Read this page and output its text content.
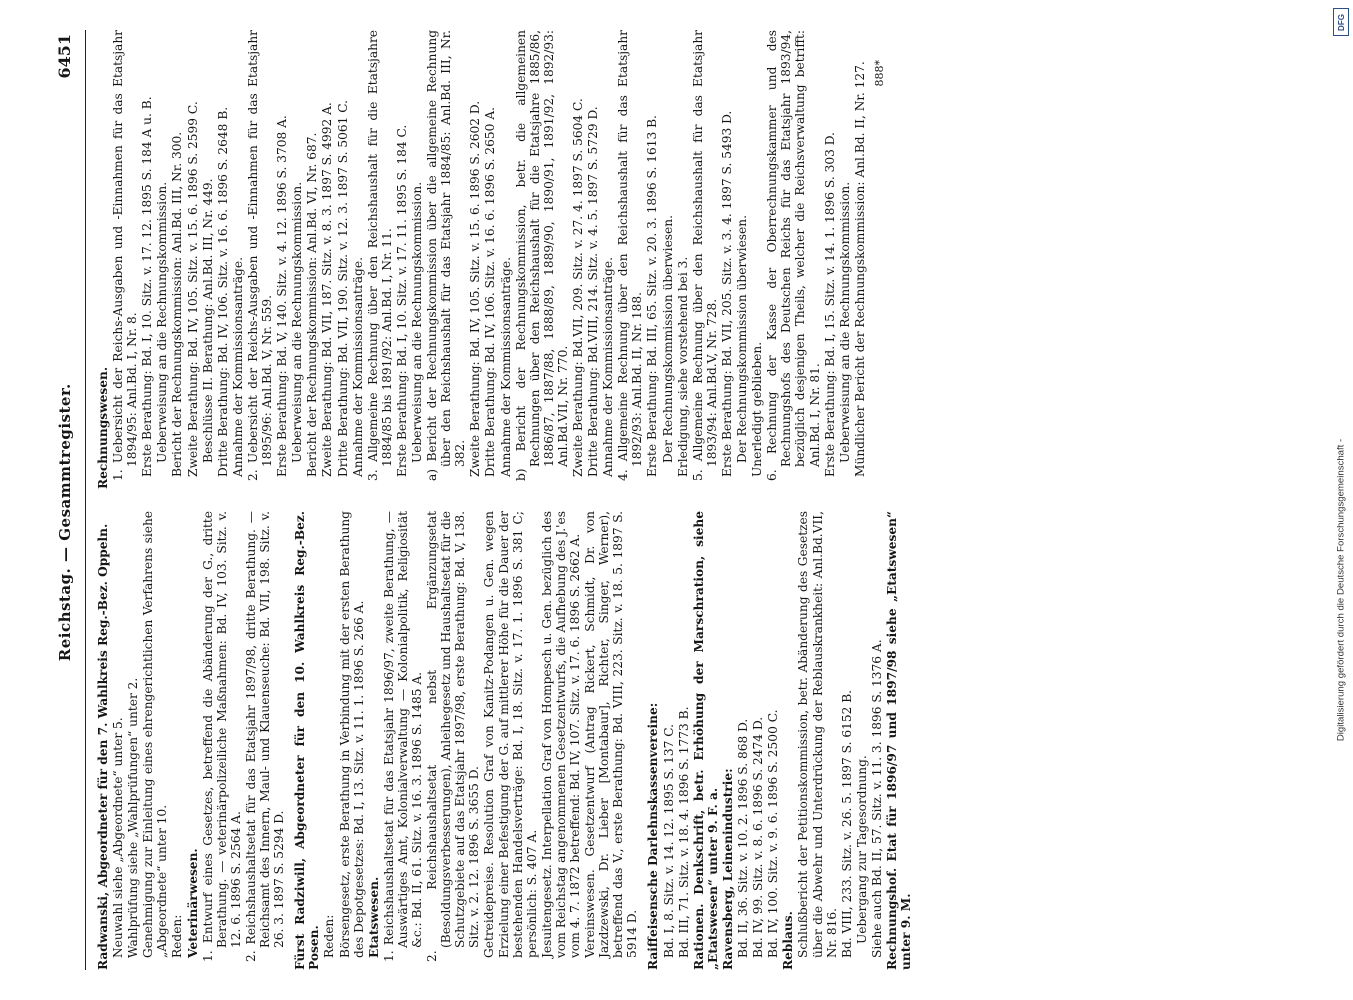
Reichstag. — Gesammtregister.
6451

Radwanski, Abgeordneter für den 7. Wahlkreis Reg.-Bez. Oppeln. Neuwahl siehe „Abgeordnete“ unter 5. Wahlprüfung siehe „Wahlprüfungen“ unter 2. Genehmigung zur Einleitung eines ehrengerichtlichen Verfahrens siehe „Abgeordnete“ unter 10. Reden: Veterinärwesen. 1. Entwurf eines Gesetzes, betreffend die Abänderung der G., dritte Berathung. — veterinärpolizeiliche Maßnahmen: Bd. IV, 103. Sitz. v. 12. 6. 1896 S. 2564 A. 2. Reichshaushaltsetat für das Etatsjahr 1897/98, dritte Berathung. — Reichsamt des Innern, Maul- und Klauenseuche: Bd. VII, 198. Sitz. v. 26. 3. 1897 S. 5294 D. Fürst Radziwill, Abgeordneter für den 10. Wahlkreis Reg.-Bez. Posen. Reden: Börsengesetz, erste Berathung in Verbindung mit der ersten Berathung des Depotgesetzes: Bd. I, 13. Sitz. v. 11. 1. 1896 S. 266 A. Etatswesen. 1. Reichshaushaltsetat für das Etatsjahr 1896/97, zweite Berathung, — Auswärtiges Amt, Kolonialverwaltung — Kolonialpolitik, Religiosität &c.: Bd. II, 61. Sitz. v. 16. 3. 1896 S. 1485 A. 2. Reichshaushaltsetat nebst Ergänzungsetat (Besoldungsverbesserungen), Anleihegesetz und Haushaltsetat für die Schutzgebiete auf das Etatsjahr 1897/98, erste Berathung: Bd. V, 138. Sitz. v. 2. 12. 1896 S. 3655 D. Getreidepreise. Resolution Graf von Kanitz-Podangen u. Gen. wegen Erzielung einer Befestigung der G. auf mittlerer Höhe für die Dauer der bestehenden Handelsverträge: Bd. I, 18. Sitz. v. 17. 1. 1896 S. 381 C; persönlich: S. 407 A. Jesuitengesetz. Interpellation Graf von Hompesch u. Gen. bezüglich des vom Reichstag angenommenen Gesetzentwurfs, die Aufhebung des J.'es vom 4. 7. 1872 betreffend: Bd. IV, 107. Sitz. v. 17. 6. 1896 S. 2662 A. Vereinswesen. Gesetzentwurf (Antrag Rickert, Schmidt, Dr. von Jazdzewski, Dr. Lieber [Montabaur], Richter, Singer, Werner), betreffend das V., erste Berathung: Bd. VIII, 223. Sitz. v. 18. 5. 1897 S. 5914 D. Raiffeisensche Darlehnskassenvereine: Bd. I, 8. Sitz. v. 14. 12. 1895 S. 137 C. Bd. III, 71. Sitz. v. 18. 4. 1896 S. 1773 B. Rationen. Denkschrift, betr. Erhöhung der Marschration, siehe „Etatswesen“ unter 9. F. a. Ravensberg, Leinenindustrie: Bd. II, 36. Sitz. v. 10. 2. 1896 S. 868 D. Bd. IV, 99. Sitz. v. 8. 6. 1896 S. 2474 D. Bd. IV, 100. Sitz. v. 9. 6. 1896 S. 2500 C. Reblaus. Schlußbericht der Petitionskommission, betr. Abänderung des Gesetzes über die Abwehr und Unterdrückung der Reblauskrankheit: Anl.Bd.VII, Nr. 816. Bd. VIII, 233. Sitz. v. 26. 5. 1897 S. 6152 B. Uebergang zur Tagesordnung. Siehe auch Bd. II, 57. Sitz. v. 11. 3. 1896 S. 1376 A. Rechnungshof. Etat für 1896/97 und 1897/98 siehe „Etatswesen“ unter 9. M.

Rechnungswesen. 1. Uebersicht der Reichs-Ausgaben und -Einnahmen für das Etatsjahr 1894/95: Anl.Bd. I, Nr. 8. Erste Berathung: Bd. I, 10. Sitz. v. 17. 12. 1895 S. 184 A u. B. Ueberweisung an die Rechnungskommission. Bericht der Rechnungskommission: Anl.Bd. III, Nr. 300. Zweite Berathung: Bd. IV, 105. Sitz. v. 15. 6. 1896 S. 2599 C. Beschlüsse II. Berathung: Anl.Bd. III, Nr. 449. Dritte Berathung: Bd. IV, 106. Sitz. v. 16. 6. 1896 S. 2648 B. Annahme der Kommissionsanträge. 2. Uebersicht der Reichs-Ausgaben und -Einnahmen für das Etatsjahr 1895/96: Anl.Bd. V, Nr. 559. Erste Berathung: Bd. V, 140. Sitz. v. 4. 12. 1896 S. 3708 A. Ueberweisung an die Rechnungskommission. Bericht der Rechnungskommission: Anl.Bd. VI, Nr. 687. Zweite Berathung: Bd. VII, 187. Sitz. v. 8. 3. 1897 S. 4992 A. Dritte Berathung: Bd. VII, 190. Sitz. v. 12. 3. 1897 S. 5061 C. Annahme der Kommissionsanträge. 3. Allgemeine Rechnung über den Reichshaushalt für die Etatsjahre 1884/85 bis 1891/92: Anl.Bd. I, Nr. 11. Erste Berathung: Bd. I, 10. Sitz. v. 17. 11. 1895 S. 184 C. Ueberweisung an die Rechnungskommission. a) Bericht der Rechnungskommission über die allgemeine Rechnung über den Reichshaushalt für das Etatsjahr 1884/85: Anl.Bd. III, Nr. 382. Zweite Berathung: Bd. IV, 105. Sitz. v. 15. 6. 1896 S. 2602 D. Dritte Berathung: Bd. IV, 106. Sitz. v. 16. 6. 1896 S. 2650 A. Annahme der Kommissionsanträge. b) Bericht der Rechnungskommission, betr. die allgemeinen Rechnungen über den Reichshaushalt für die Etatsjahre 1885/86, 1886/87, 1887/88, 1888/89, 1889/90, 1890/91, 1891/92, 1892/93: Anl.Bd.VII, Nr. 770. Zweite Berathung: Bd.VII, 209. Sitz. v. 27. 4. 1897 S. 5604 C. Dritte Berathung: Bd.VIII, 214. Sitz. v. 4. 5. 1897 S. 5729 D. Annahme der Kommissionsanträge. 4. Allgemeine Rechnung über den Reichshaushalt für das Etatsjahr 1892/93: Anl.Bd. II, Nr. 188. Erste Berathung: Bd. III, 65. Sitz. v. 20. 3. 1896 S. 1613 B. Der Rechnungskommission überwiesen. Erledigung, siehe vorstehend bei 3. 5. Allgemeine Rechnung über den Reichshaushalt für das Etatsjahr 1893/94: Anl.Bd.V, Nr. 728. Erste Berathung: Bd. VII, 205. Sitz. v. 3. 4. 1897 S. 5493 D. Der Rechnungskommission überwiesen. Unerledigt geblieben. 6. Rechnung der Kasse der Oberrechnungskammer und des Rechnungshofs des Deutschen Reichs für das Etatsjahr 1893/94, bezüglich desjenigen Theils, welcher die Reichsverwaltung betrifft: Anl.Bd. I, Nr. 81. Erste Berathung: Bd. I, 15. Sitz. v. 14. 1. 1896 S. 303 D. Ueberweisung an die Rechnungskommission. Mündlicher Bericht der Rechnungskommission: Anl.Bd. II, Nr. 127. 888*
DFG
Digitalisierung gefördert durch die Deutsche Forschungsgemeinschaft -
